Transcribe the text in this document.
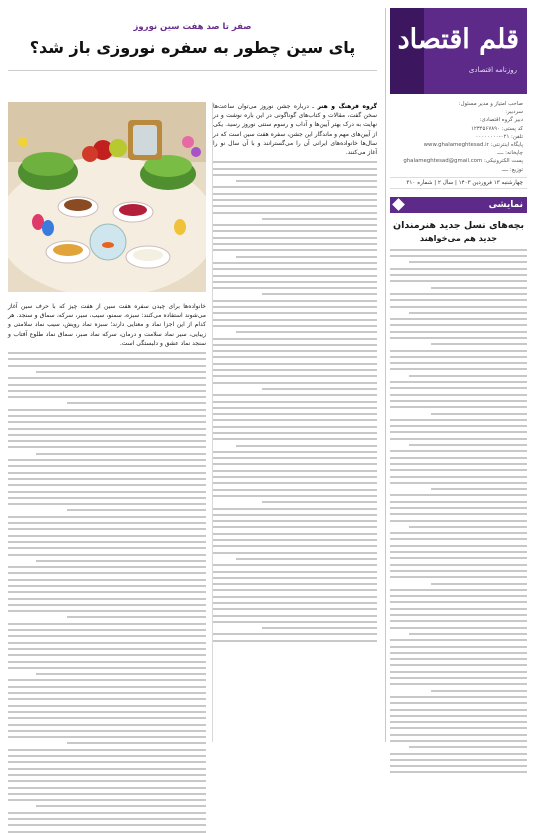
قلم اقتصاد
روزنامه اقتصادی
صاحب امتیاز و مدیر مسئول:
سردبیر:
دبیر گروه اقتصادی:
کد پستی: ۱۲۳۴۵۶۷۸۹۰
تلفن: ۰۲۱-۰۰۰۰۰۰۰۰
پایگاه اینترنتی: www.ghalameghtesad.ir
چاپخانه: ــــ
پست الکترونیکی: ghalameghtesad@gmail.com
توزیع: ــــ
چهارشنبه ۱۳ فروردین ۱۴۰۳ | سال ۲ | شماره ۳۱۰
نمایشی
بچه‌های نسل جدید هنرمندان
جدید هم می‌خواهند
صفر تا صد هفت سین نوروز
پای سین چطور به سفره نوروزی باز شد؟

گروه فرهنگ و هنر ـ درباره جشن نوروز می‌توان ساعت‌ها سخن گفت، مقالات و کتاب‌های گوناگونی در این باره نوشت و در نهایت به درک بهتر آیین‌ها و آداب و رسوم سنتی نوروز رسید. یکی از آیین‌های مهم و ماندگار این جشن، سفره هفت سین است که در سال‌ها خانواده‌های ایرانی آن را می‌گسترانند و با آن سال نو را آغاز می‌کنند.

خانواده‌ها برای چیدن سفره هفت سین از هفت چیز که با حرف سین آغاز می‌شوند استفاده می‌کنند: سبزه، سمنو، سیب، سیر، سرکه، سماق و سنجد. هر کدام از این اجزا نماد و معنایی دارند؛ سبزه نماد رویش، سیب نماد سلامتی و زیبایی، سیر نماد سلامت و درمان، سرکه نماد صبر، سماق نماد طلوع آفتاب و سنجد نماد عشق و دلبستگی است.
